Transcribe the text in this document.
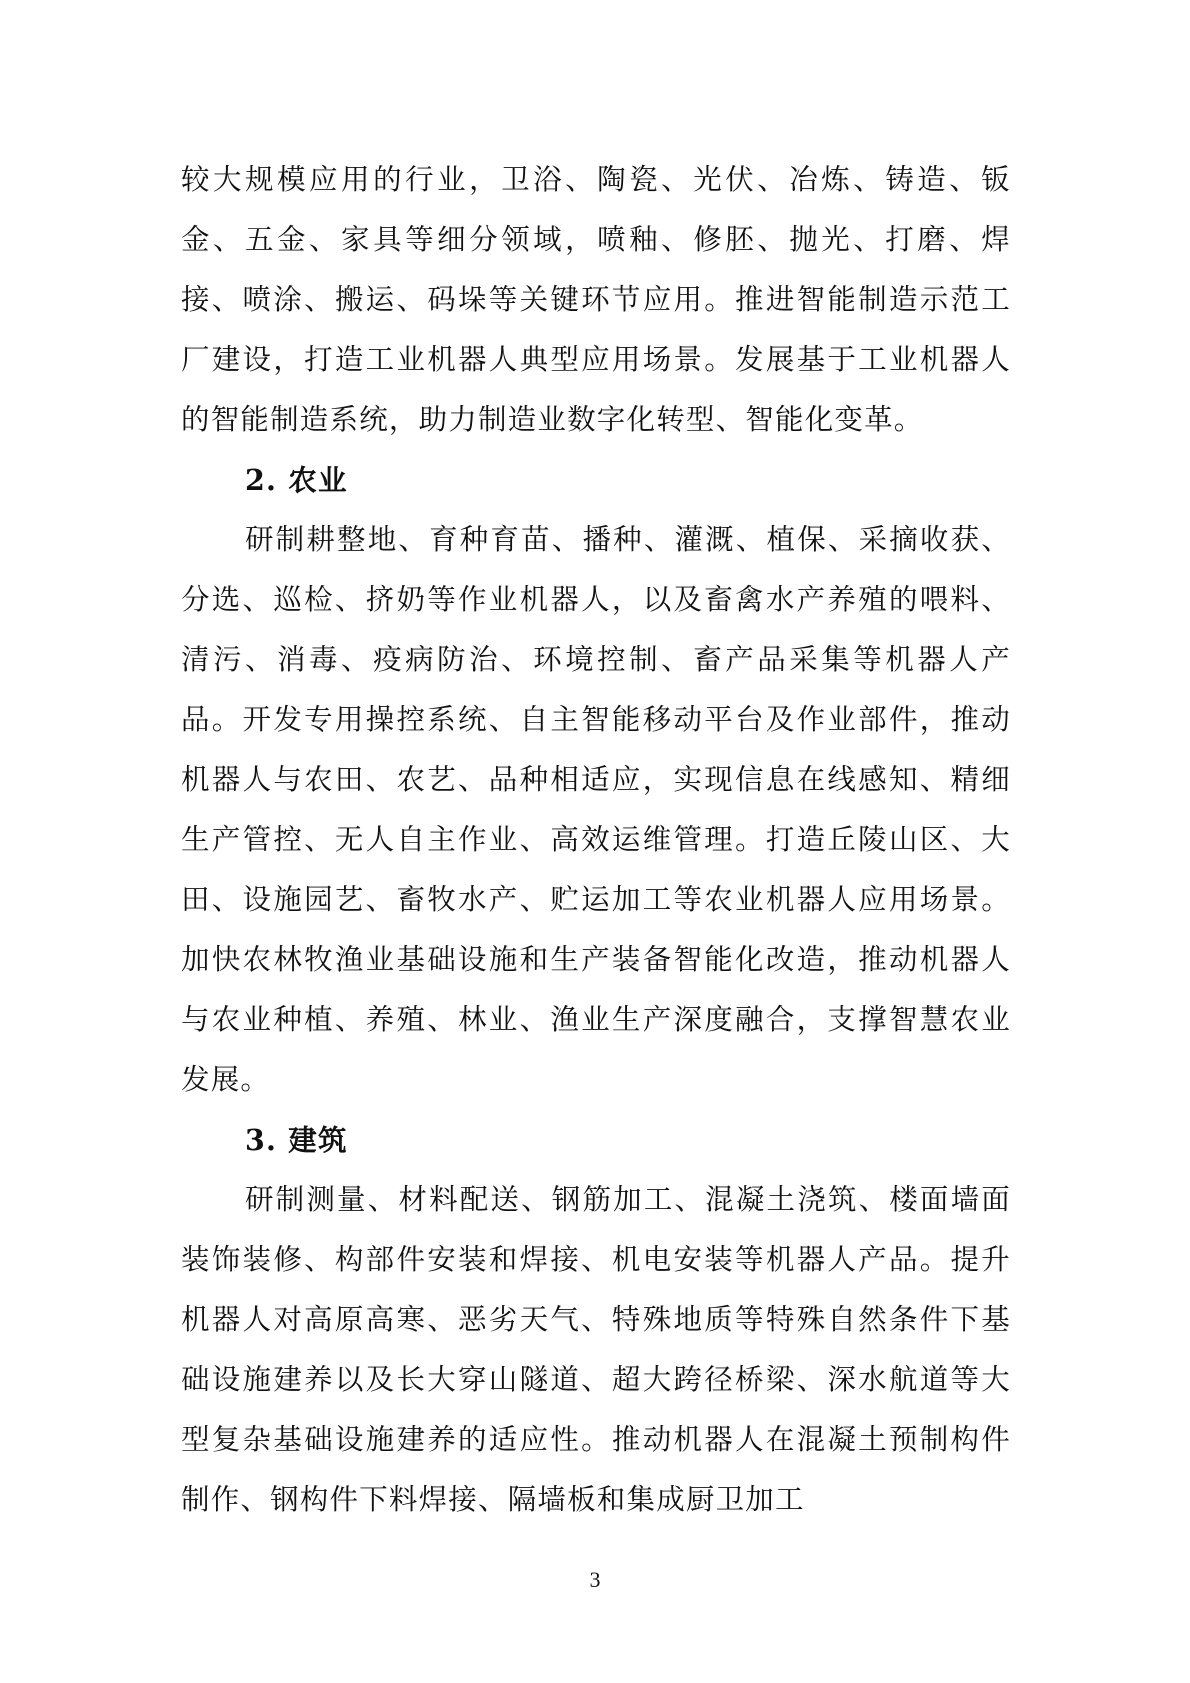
较大规模应用的行业，卫浴、陶瓷、光伏、冶炼、铸造、钣金、五金、家具等细分领域，喷釉、修胚、抛光、打磨、焊接、喷涂、搬运、码垛等关键环节应用。推进智能制造示范工厂建设，打造工业机器人典型应用场景。发展基于工业机器人的智能制造系统，助力制造业数字化转型、智能化变革。

2. 农业

研制耕整地、育种育苗、播种、灌溉、植保、采摘收获、分选、巡检、挤奶等作业机器人，以及畜禽水产养殖的喂料、清污、消毒、疫病防治、环境控制、畜产品采集等机器人产品。开发专用操控系统、自主智能移动平台及作业部件，推动机器人与农田、农艺、品种相适应，实现信息在线感知、精细生产管控、无人自主作业、高效运维管理。打造丘陵山区、大田、设施园艺、畜牧水产、贮运加工等农业机器人应用场景。加快农林牧渔业基础设施和生产装备智能化改造，推动机器人与农业种植、养殖、林业、渔业生产深度融合，支撑智慧农业发展。

3. 建筑

研制测量、材料配送、钢筋加工、混凝土浇筑、楼面墙面装饰装修、构部件安装和焊接、机电安装等机器人产品。提升机器人对高原高寒、恶劣天气、特殊地质等特殊自然条件下基础设施建养以及长大穿山隧道、超大跨径桥梁、深水航道等大型复杂基础设施建养的适应性。推动机器人在混凝土预制构件制作、钢构件下料焊接、隔墙板和集成厨卫加工

3
